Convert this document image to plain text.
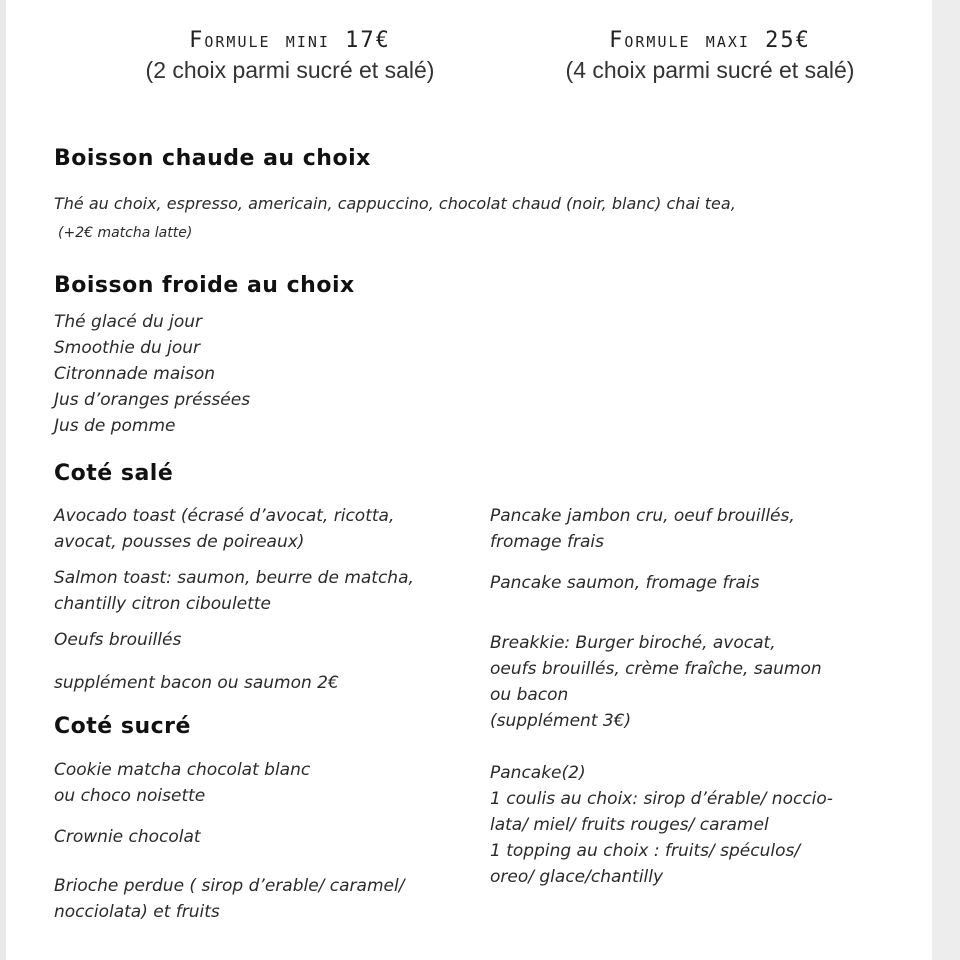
Formule mini 17€
(2 choix parmi sucré et salé)
Formule maxi 25€
(4 choix parmi sucré et salé)
Boisson chaude au choix
Thé au choix, espresso, americain, cappuccino, chocolat chaud (noir, blanc) chai tea,
(+2€ matcha latte)
Boisson froide au choix
Thé glacé du jour
Smoothie du jour
Citronnade maison
Jus d’oranges préssées
Jus de pomme
Coté salé
Avocado toast (écrasé d’avocat, ricotta,
avocat, pousses de poireaux)
Salmon toast: saumon, beurre de matcha,
chantilly citron ciboulette
Oeufs brouillés
supplément bacon ou saumon 2€
Pancake jambon cru, oeuf brouillés,
fromage frais
Pancake saumon, fromage frais
Breakkie: Burger biroché, avocat,
oeufs brouillés, crème fraîche, saumon
ou bacon
(supplément 3€)
Coté sucré
Cookie matcha chocolat blanc
ou choco noisette
Crownie chocolat
Brioche perdue ( sirop d’erable/ caramel/
nocciolata) et fruits
Pancake(2)
1 coulis au choix: sirop d’érable/ noccio-
lata/ miel/ fruits rouges/ caramel
1 topping au choix : fruits/ spéculos/
oreo/ glace/chantilly
